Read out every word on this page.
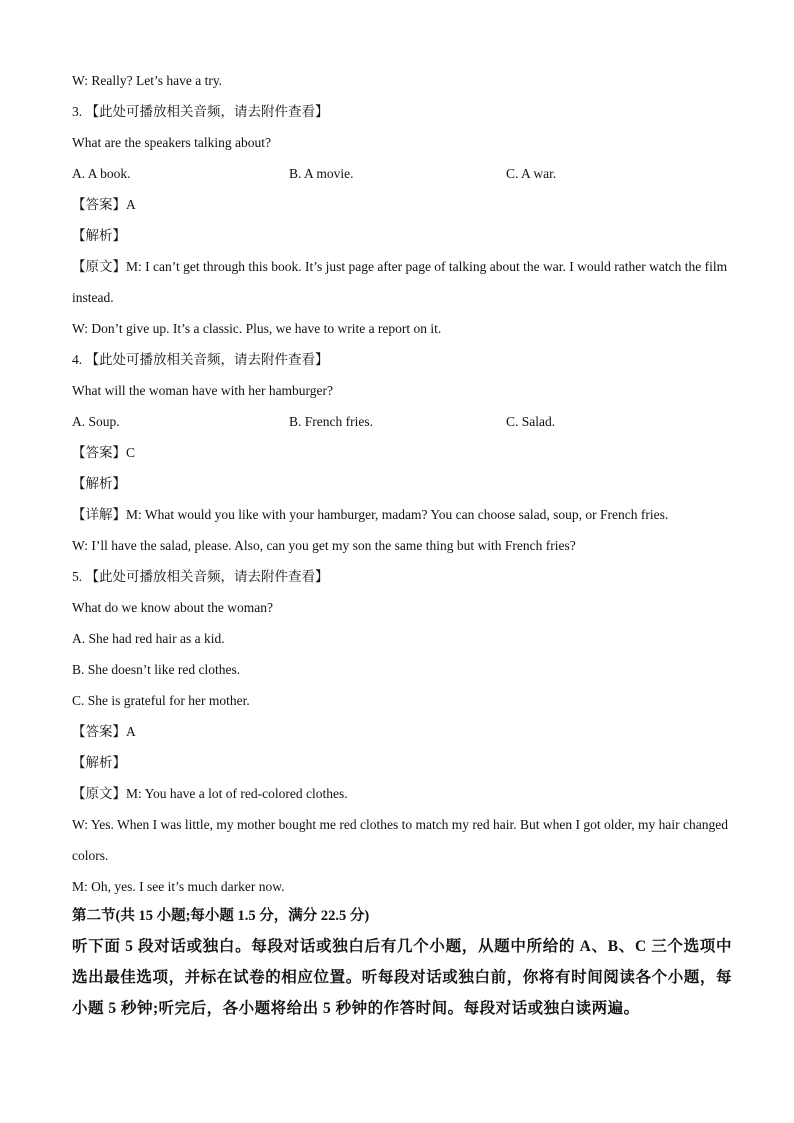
W: Really? Let’s have a try.
3. 【此处可播放相关音频，请去附件查看】
What are the speakers talking about?
A. A book.	B. A movie.	C. A war.
【答案】A
【解析】
【原文】M: I can’t get through this book. It’s just page after page of talking about the war. I would rather watch the film instead.
W: Don’t give up. It’s a classic. Plus, we have to write a report on it.
4. 【此处可播放相关音频，请去附件查看】
What will the woman have with her hamburger?
A. Soup.	B. French fries.	C. Salad.
【答案】C
【解析】
【详解】M: What would you like with your hamburger, madam? You can choose salad, soup, or French fries.
W: I’ll have the salad, please. Also, can you get my son the same thing but with French fries?
5. 【此处可播放相关音频，请去附件查看】
What do we know about the woman?
A. She had red hair as a kid.
B. She doesn’t like red clothes.
C. She is grateful for her mother.
【答案】A
【解析】
【原文】M: You have a lot of red-colored clothes.
W: Yes. When I was little, my mother bought me red clothes to match my red hair. But when I got older, my hair changed colors.
M: Oh, yes. I see it’s much darker now.
第二节(共 15 小题;每小题 1.5 分，满分 22.5 分)
听下面 5 段对话或独白。每段对话或独白后有几个小题，从题中所给的 A、B、C 三个选项中选出最佳选项，并标在试卷的相应位置。听每段对话或独白前，你将有时间阅读各个小题，每小题 5 秒钟;听完后，各小题将给出 5 秒钟的作答时间。每段对话或独白读两遍。
